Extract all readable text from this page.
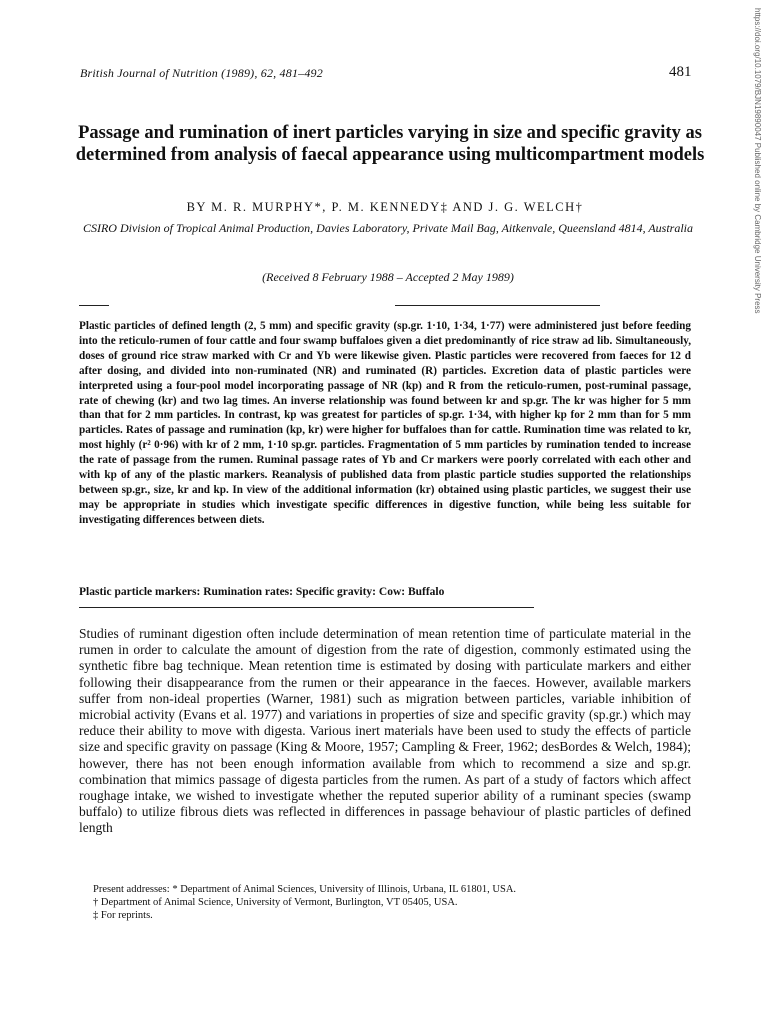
British Journal of Nutrition (1989), 62, 481–492	481	https://doi.org/10.1079/BJN19890047 Published online by Cambridge University Press
Passage and rumination of inert particles varying in size and specific gravity as determined from analysis of faecal appearance using multicompartment models
BY M. R. MURPHY*, P. M. KENNEDY‡ AND J. G. WELCH†
CSIRO Division of Tropical Animal Production, Davies Laboratory, Private Mail Bag, Aitkenvale, Queensland 4814, Australia
(Received 8 February 1988 – Accepted 2 May 1989)

Plastic particles of defined length (2, 5 mm) and specific gravity (sp.gr. 1·10, 1·34, 1·77) were administered just before feeding into the reticulo-rumen of four cattle and four swamp buffaloes given a diet predominantly of rice straw ad lib. Simultaneously, doses of ground rice straw marked with Cr and Yb were likewise given. Plastic particles were recovered from faeces for 12 d after dosing, and divided into non-ruminated (NR) and ruminated (R) particles. Excretion data of plastic particles were interpreted using a four-pool model incorporating passage of NR (kp) and R from the reticulo-rumen, post-ruminal passage, rate of chewing (kr) and two lag times. An inverse relationship was found between kr and sp.gr. The kr was higher for 5 mm than that for 2 mm particles. In contrast, kp was greatest for particles of sp.gr. 1·34, with higher kp for 2 mm than for 5 mm particles. Rates of passage and rumination (kp, kr) were higher for buffaloes than for cattle. Rumination time was related to kr, most highly (r² 0·96) with kr of 2 mm, 1·10 sp.gr. particles. Fragmentation of 5 mm particles by rumination tended to increase the rate of passage from the rumen. Ruminal passage rates of Yb and Cr markers were poorly correlated with each other and with kp of any of the plastic markers. Reanalysis of published data from plastic particle studies supported the relationships between sp.gr., size, kr and kp. In view of the additional information (kr) obtained using plastic particles, we suggest their use may be appropriate in studies which investigate specific differences in digestive function, while being less suitable for investigating differences between diets.

Plastic particle markers: Rumination rates: Specific gravity: Cow: Buffalo

Studies of ruminant digestion often include determination of mean retention time of particulate material in the rumen in order to calculate the amount of digestion from the rate of digestion, commonly estimated using the synthetic fibre bag technique. Mean retention time is estimated by dosing with particulate markers and either following their disappearance from the rumen or their appearance in the faeces. However, available markers suffer from non-ideal properties (Warner, 1981) such as migration between particles, variable inhibition of microbial activity (Evans et al. 1977) and variations in properties of size and specific gravity (sp.gr.) which may reduce their ability to move with digesta. Various inert materials have been used to study the effects of particle size and specific gravity on passage (King & Moore, 1957; Campling & Freer, 1962; desBordes & Welch, 1984); however, there has not been enough information available from which to recommend a size and sp.gr. combination that mimics passage of digesta particles from the rumen. As part of a study of factors which affect roughage intake, we wished to investigate whether the reputed superior ability of a ruminant species (swamp buffalo) to utilize fibrous diets was reflected in differences in passage behaviour of plastic particles of defined length

Present addresses: * Department of Animal Sciences, University of Illinois, Urbana, IL 61801, USA.
† Department of Animal Science, University of Vermont, Burlington, VT 05405, USA.
‡ For reprints.
